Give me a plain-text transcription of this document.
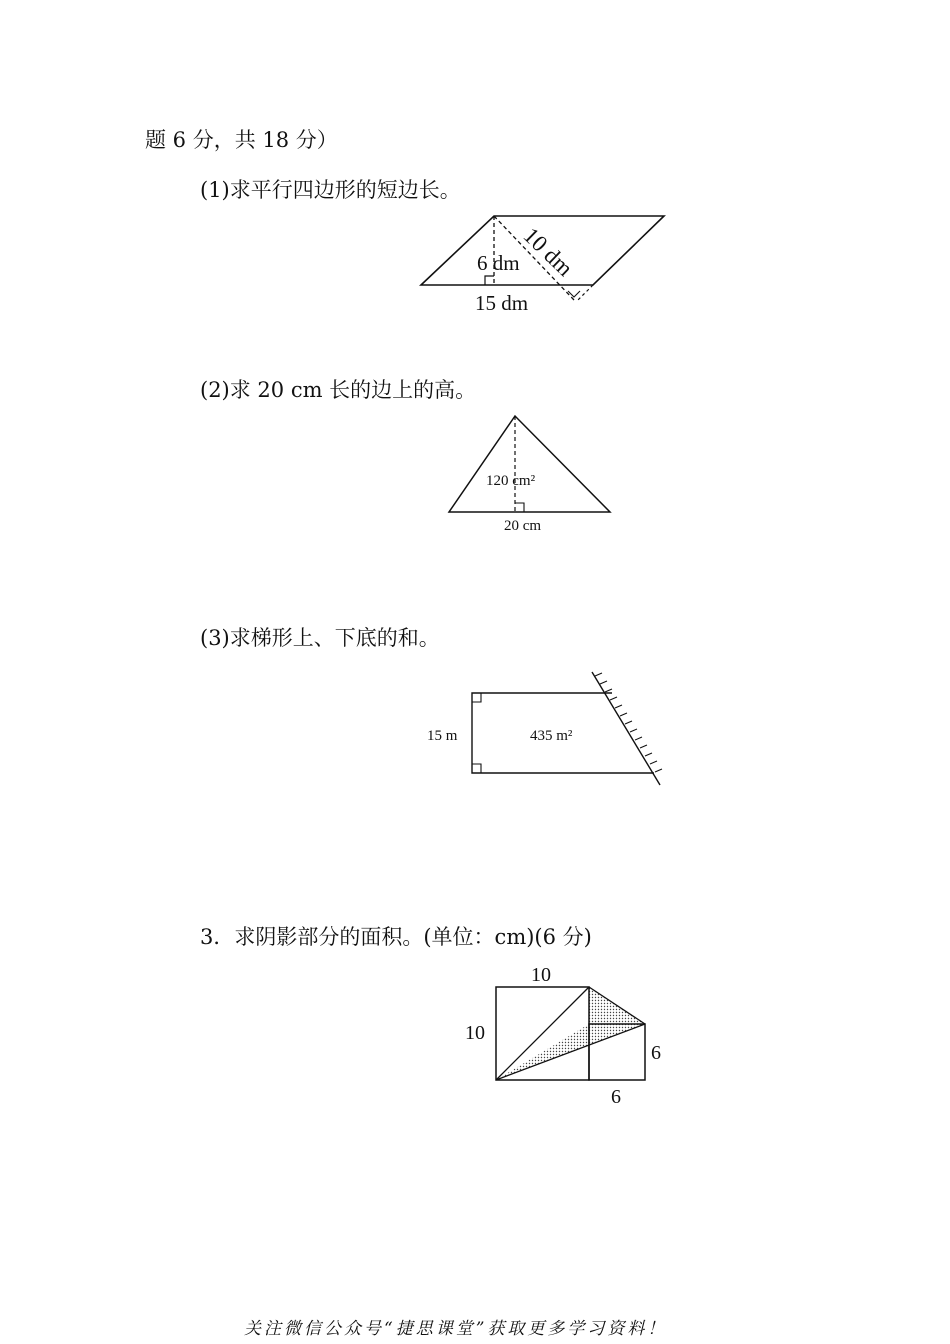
题 6 分，共 18 分）
(1)求平行四边形的短边长。
6 dm
10 dm
15 dm
(2)求 20 cm 长的边上的高。
120 cm²
20 cm
(3)求梯形上、下底的和。
15 m	435 m²
3．求阴影部分的面积。(单位：cm)(6 分)
10
10
6
6
关注微信公众号“捷思课堂”获取更多学习资料！
